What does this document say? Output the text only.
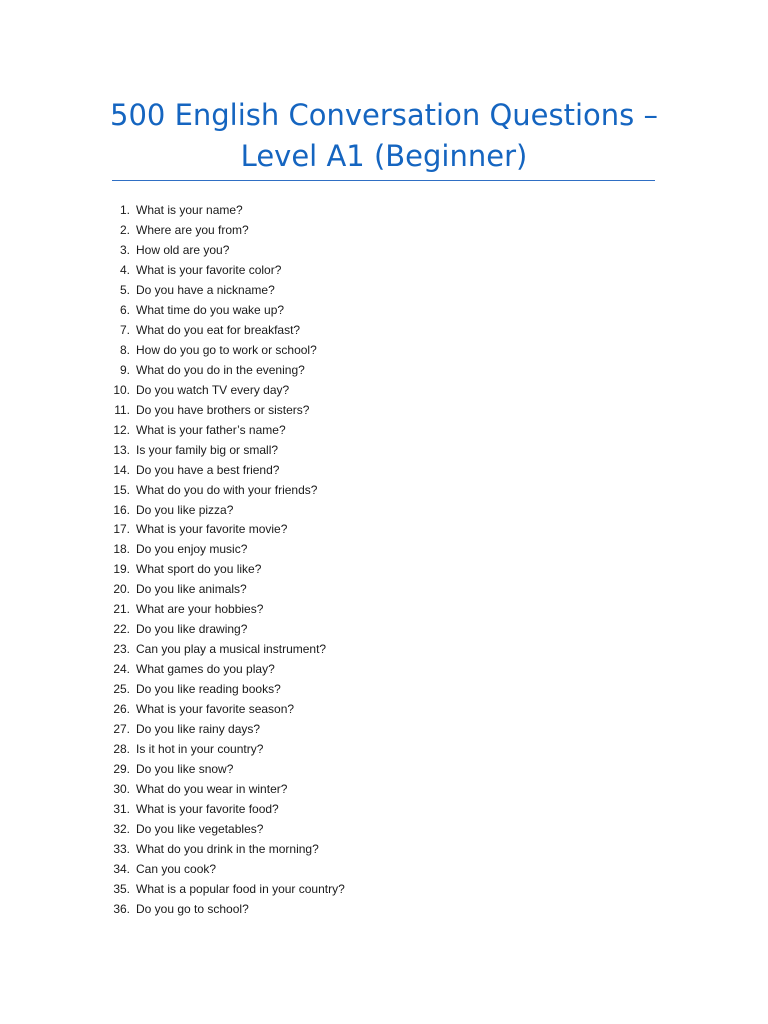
500 English Conversation Questions –
Level A1 (Beginner)
1. What is your name?
2. Where are you from?
3. How old are you?
4. What is your favorite color?
5. Do you have a nickname?
6. What time do you wake up?
7. What do you eat for breakfast?
8. How do you go to work or school?
9. What do you do in the evening?
10. Do you watch TV every day?
11. Do you have brothers or sisters?
12. What is your father’s name?
13. Is your family big or small?
14. Do you have a best friend?
15. What do you do with your friends?
16. Do you like pizza?
17. What is your favorite movie?
18. Do you enjoy music?
19. What sport do you like?
20. Do you like animals?
21. What are your hobbies?
22. Do you like drawing?
23. Can you play a musical instrument?
24. What games do you play?
25. Do you like reading books?
26. What is your favorite season?
27. Do you like rainy days?
28. Is it hot in your country?
29. Do you like snow?
30. What do you wear in winter?
31. What is your favorite food?
32. Do you like vegetables?
33. What do you drink in the morning?
34. Can you cook?
35. What is a popular food in your country?
36. Do you go to school?
